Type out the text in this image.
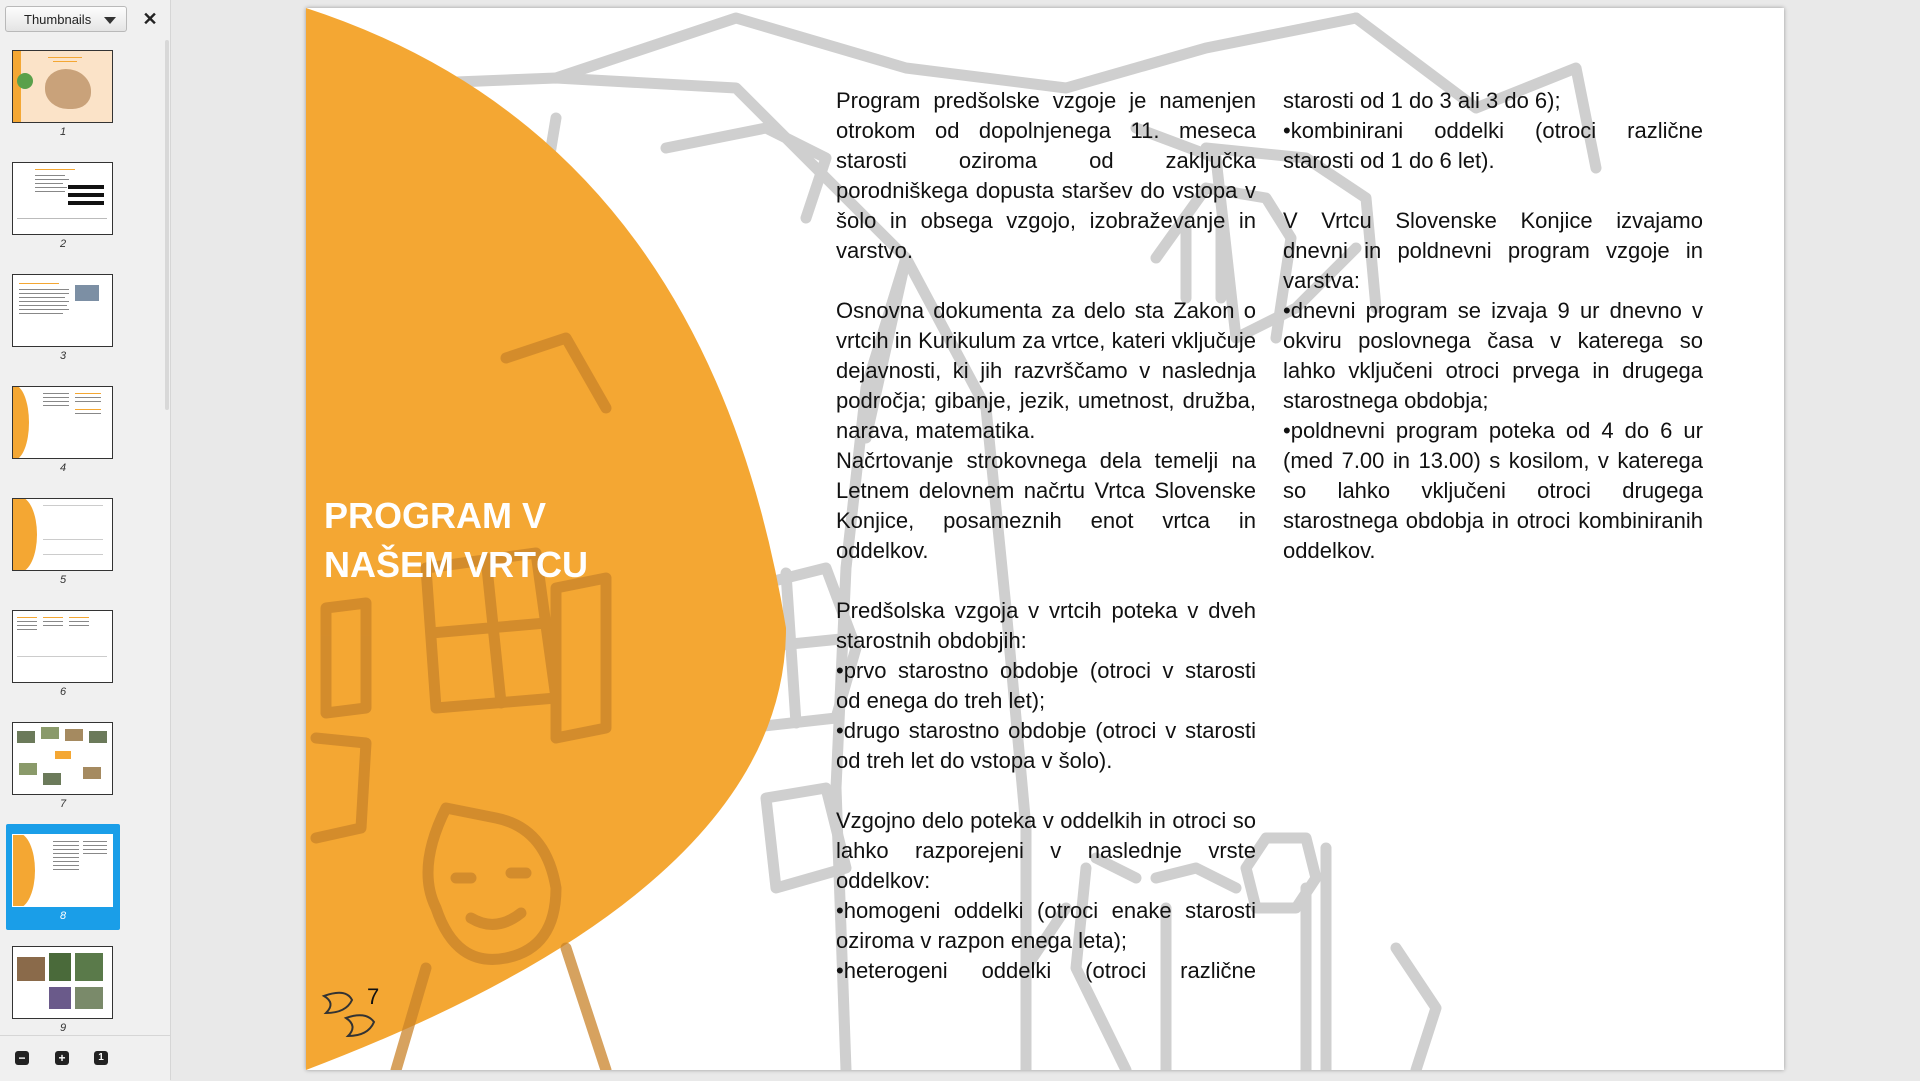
Thumbnails	✕
1
2
3
4
5
6
7
8
9
−	+	1
PROGRAM V
NAŠEM VRTCU
7

Program predšolske vzgoje je namenjen otrokom od dopolnjenega 11. meseca starosti oziroma od zaključka porodniškega dopusta staršev do vstopa v šolo in obsega vzgojo, izobraževanje in varstvo.

Osnovna dokumenta za delo sta Zakon o vrtcih in Kurikulum za vrtce, kateri vključuje dejavnosti, ki jih razvrščamo v naslednja področja; gibanje, jezik, umetnost, družba, narava, matematika.

Načrtovanje strokovnega dela temelji na Letnem delovnem načrtu Vrtca Slovenske Konjice, posameznih enot vrtca in oddelkov.

Predšolska vzgoja v vrtcih poteka v dveh starostnih obdobjih:

•prvo starostno obdobje (otroci v starosti od enega do treh let);

•drugo starostno obdobje (otroci v starosti od treh let do vstopa v šolo).

Vzgojno delo poteka v oddelkih in otroci so lahko razporejeni v naslednje vrste oddelkov:

•homogeni oddelki (otroci enake starosti oziroma v razpon enega leta);

•heterogeni oddelki (otroci različne

starosti od 1 do 3 ali 3 do 6);

•kombinirani oddelki (otroci različne starosti od 1 do 6 let).

V Vrtcu Slovenske Konjice izvajamo dnevni in poldnevni program vzgoje in varstva:

•dnevni program se izvaja 9 ur dnevno v okviru poslovnega časa v katerega so lahko vključeni otroci prvega in drugega starostnega obdobja;

•poldnevni program poteka od 4 do 6 ur (med 7.00 in 13.00) s kosilom, v katerega so lahko vključeni otroci drugega starostnega obdobja in otroci kombiniranih oddelkov.
